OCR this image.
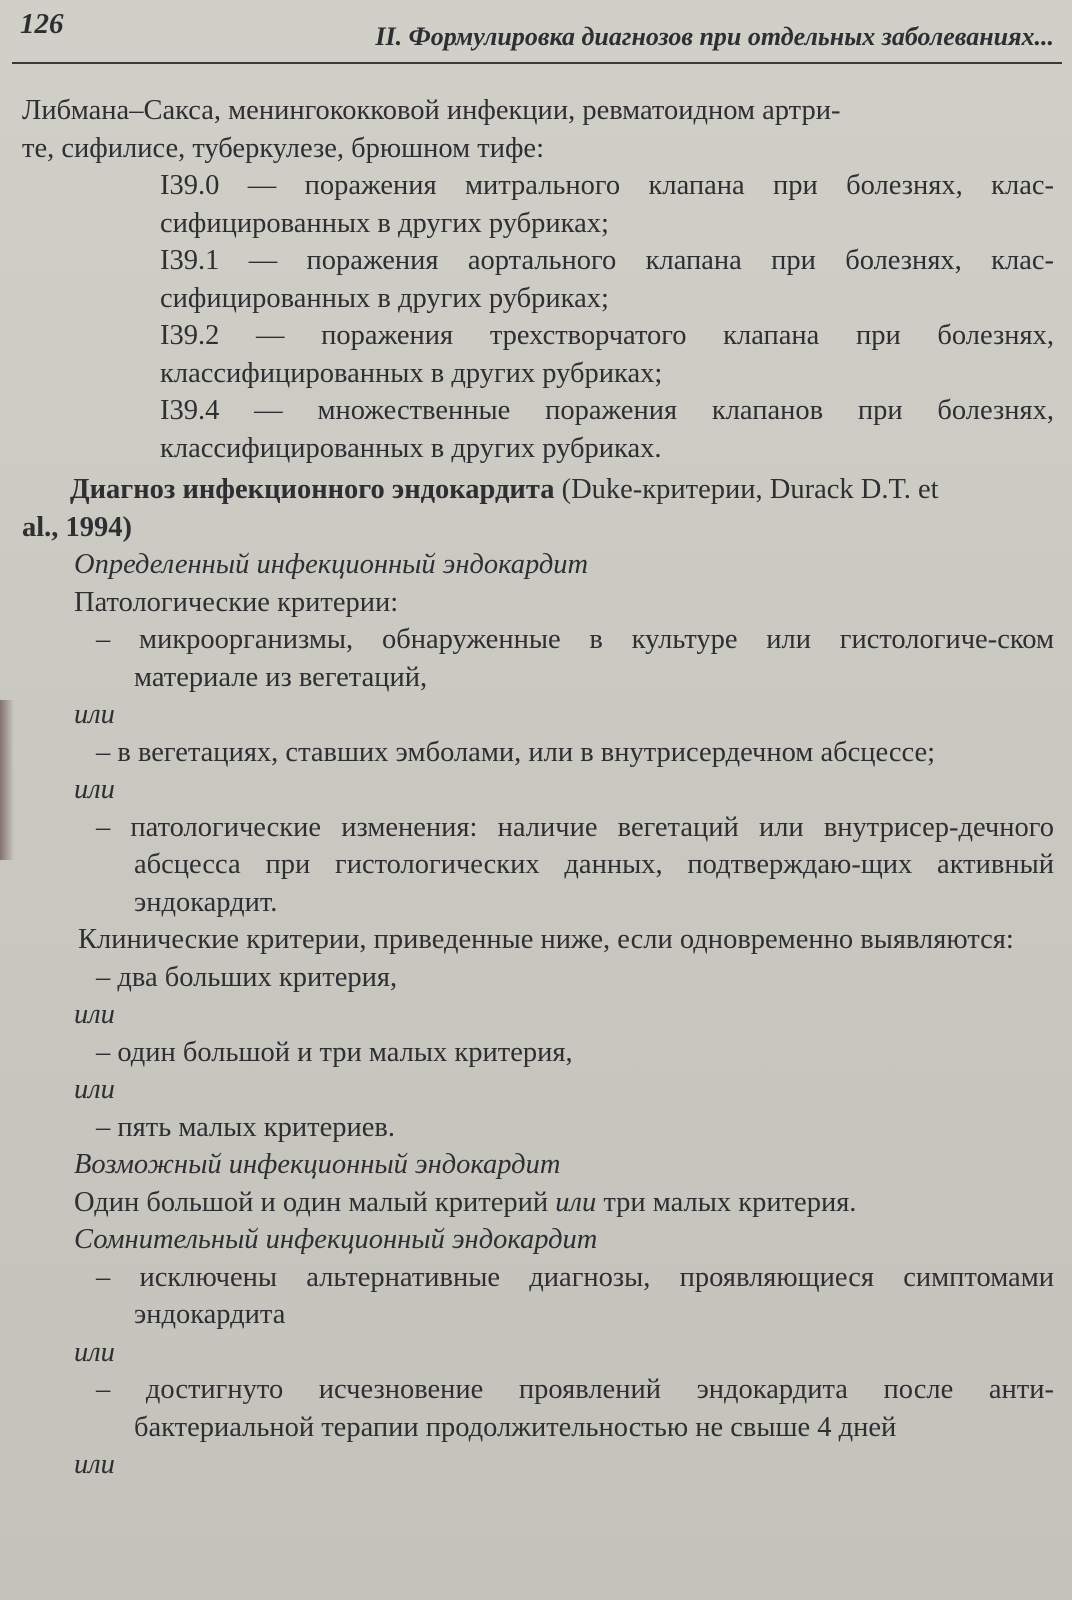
126	II. Формулировка диагнозов при отдельных заболеваниях...

Либмана–Сакса, менингококковой инфекции, ревматоидном артри-

те, сифилисе, туберкулезе, брюшном тифе:

I39.0 — поражения митрального клапана при болезнях, клас-сифицированных в других рубриках;

I39.1 — поражения аортального клапана при болезнях, клас-сифицированных в других рубриках;

I39.2 — поражения трехстворчатого клапана при болезнях, классифицированных в других рубриках;

I39.4 — множественные поражения клапанов при болезнях, классифицированных в других рубриках.

Диагноз инфекционного эндокардита (Duke-критерии, Durack D.T. et

al., 1994)

Определенный инфекционный эндокардит

Патологические критерии:

– микроорганизмы, обнаруженные в культуре или гистологиче-ском материале из вегетаций,

или

– в вегетациях, ставших эмболами, или в внутрисердечном абсцессе;

или

– патологические изменения: наличие вегетаций или внутрисер-дечного абсцесса при гистологических данных, подтверждаю-щих активный эндокардит.

Клинические критерии, приведенные ниже, если одновременно выявляются:

– два больших критерия,

или

– один большой и три малых критерия,

или

– пять малых критериев.

Возможный инфекционный эндокардит

Один большой и один малый критерий или три малых критерия.

Сомнительный инфекционный эндокардит

– исключены альтернативные диагнозы, проявляющиеся симптомами эндокардита

или

– достигнуто исчезновение проявлений эндокардита после анти-бактериальной терапии продолжительностью не свыше 4 дней

или
